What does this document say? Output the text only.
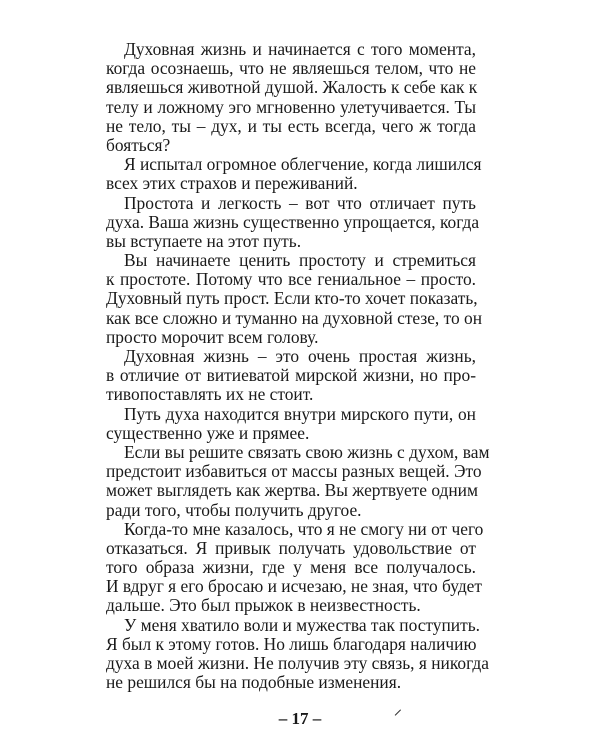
Духовная жизнь и начинается с того момента,
когда осознаешь, что не являешься телом, что не
являешься животной душой. Жалость к себе как к
телу и ложному эго мгновенно улетучивается. Ты
не тело, ты – дух, и ты есть всегда, чего ж тогда
бояться?
Я испытал огромное облегчение, когда лишился
всех этих страхов и переживаний.
Простота и легкость – вот что отличает путь
духа. Ваша жизнь существенно упрощается, когда
вы вступаете на этот путь.
Вы начинаете ценить простоту и стремиться
к простоте. Потому что все гениальное – просто.
Духовный путь прост. Если кто-то хочет показать,
как все сложно и туманно на духовной стезе, то он
просто морочит всем голову.
Духовная жизнь – это очень простая жизнь,
в отличие от витиеватой мирской жизни, но про-
тивопоставлять их не стоит.
Путь духа находится внутри мирского пути, он
существенно уже и прямее.
Если вы решите связать свою жизнь с духом, вам
предстоит избавиться от массы разных вещей. Это
может выглядеть как жертва. Вы жертвуете одним
ради того, чтобы получить другое.
Когда-то мне казалось, что я не смогу ни от чего
отказаться. Я привык получать удовольствие от
того образа жизни, где у меня все получалось.
И вдруг я его бросаю и исчезаю, не зная, что будет
дальше. Это был прыжок в неизвестность.
У меня хватило воли и мужества так поступить.
Я был к этому готов. Но лишь благодаря наличию
духа в моей жизни. Не получив эту связь, я никогда
не решился бы на подобные изменения.
– 17 –
